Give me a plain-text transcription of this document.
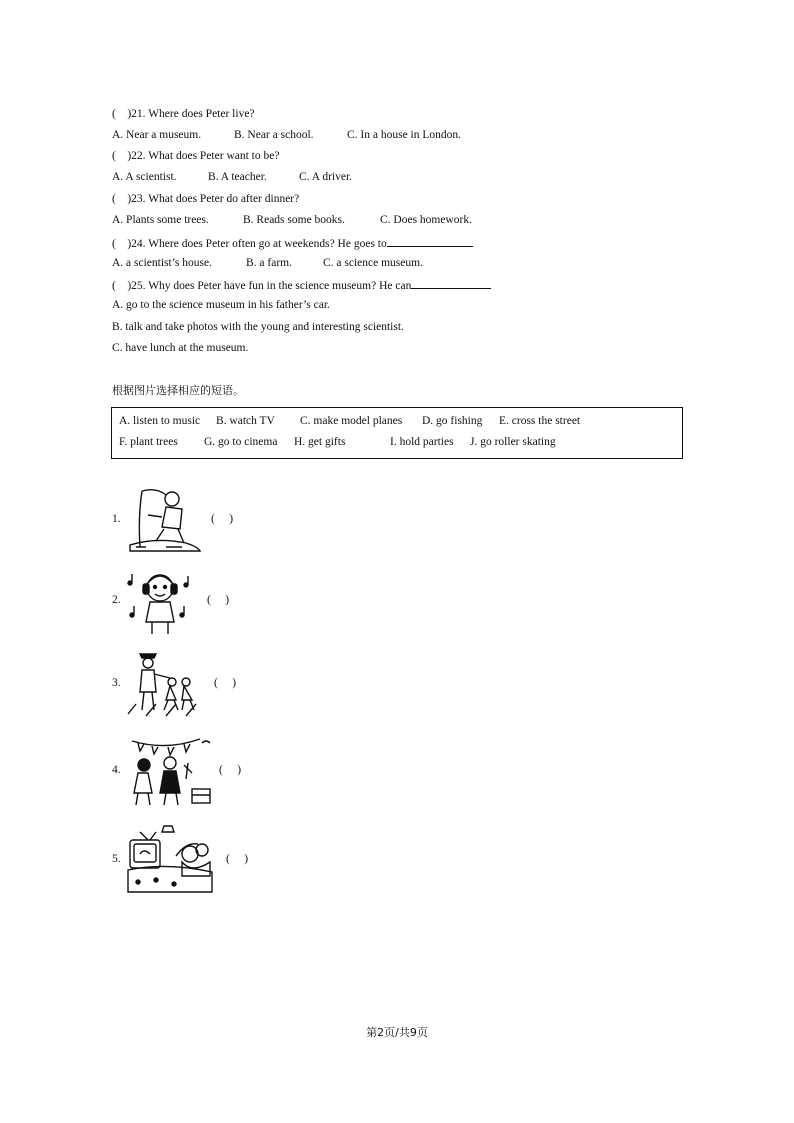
(    )21. Where does Peter live?
A. Near a museum.	B. Near a school.	C. In a house in London.
(    )22. What does Peter want to be?
A. A scientist.	B. A teacher.	C. A driver.
(    )23. What does Peter do after dinner?
A. Plants some trees.	B. Reads some books.	C. Does homework.
(    )24. Where does Peter often go at weekends? He goes to
A. a scientist’s house.	B. a farm.	C. a science museum.
(    )25. Why does Peter have fun in the science museum? He can
A. go to the science museum in his father’s car.
B. talk and take photos with the young and interesting scientist.
C. have lunch at the museum.
根据图片选择相应的短语。
A. listen to music B. watch TV C. make model planes D. go fishing E. cross the street
F. plant trees G. go to cinema H. get gifts	I. hold parties J. go roller skating
1.	(     )
2.	(     )
3.	(     )
4.	(     )
5.	(     )
第2页/共9页
